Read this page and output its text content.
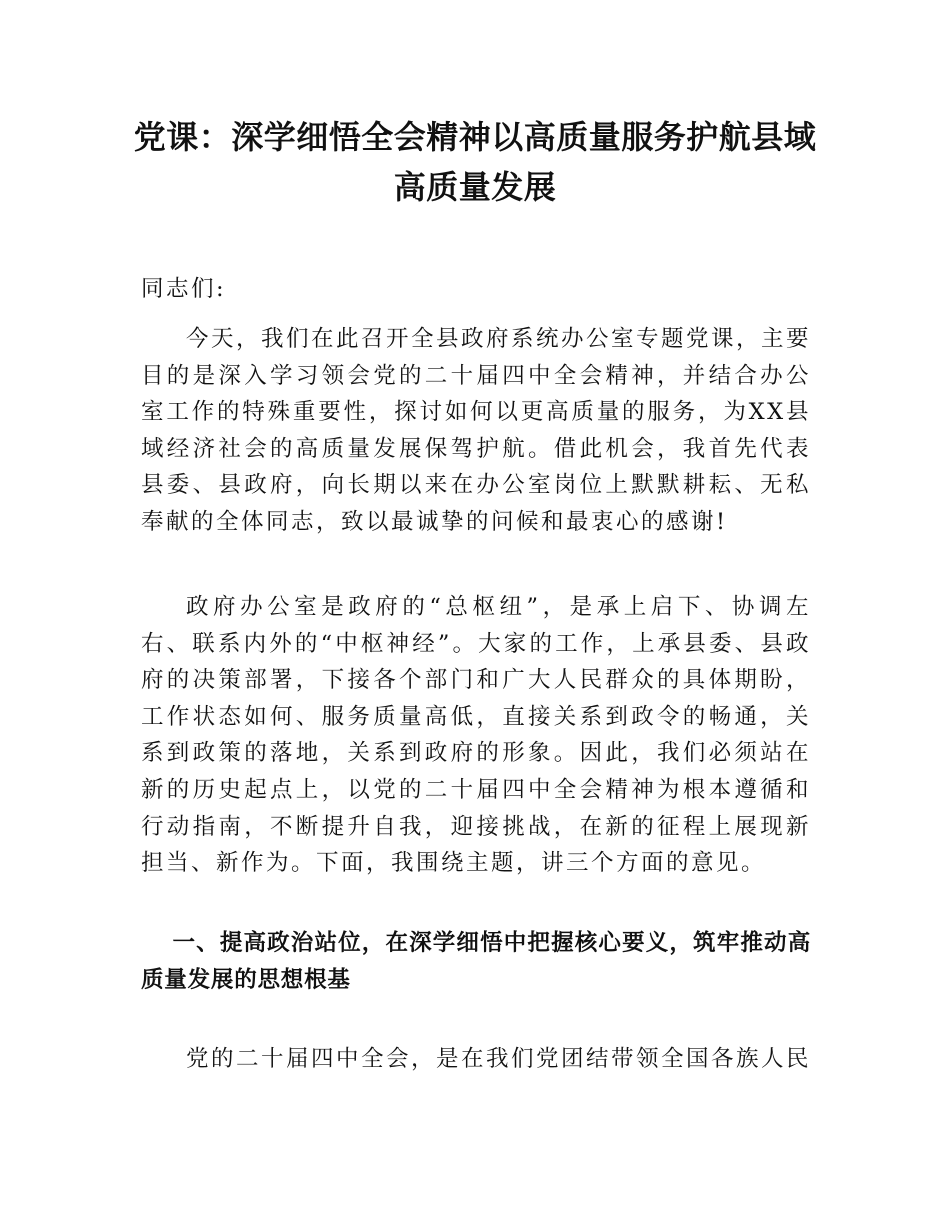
党课：深学细悟全会精神以高质量服务护航县域高质量发展

同志们:

今天，我们在此召开全县政府系统办公室专题党课，主要目的是深入学习领会党的二十届四中全会精神，并结合办公室工作的特殊重要性，探讨如何以更高质量的服务，为XX县域经济社会的高质量发展保驾护航。借此机会，我首先代表县委、县政府，向长期以来在办公室岗位上默默耕耘、无私奉献的全体同志，致以最诚挚的问候和最衷心的感谢!

政府办公室是政府的“总枢纽”，是承上启下、协调左右、联系内外的“中枢神经”。大家的工作，上承县委、县政府的决策部署，下接各个部门和广大人民群众的具体期盼，工作状态如何、服务质量高低，直接关系到政令的畅通，关系到政策的落地，关系到政府的形象。因此，我们必须站在新的历史起点上，以党的二十届四中全会精神为根本遵循和行动指南，不断提升自我，迎接挑战，在新的征程上展现新担当、新作为。下面，我围绕主题，讲三个方面的意见。

一、提高政治站位，在深学细悟中把握核心要义，筑牢推动高质量发展的思想根基

党的二十届四中全会，是在我们党团结带领全国各族人民
